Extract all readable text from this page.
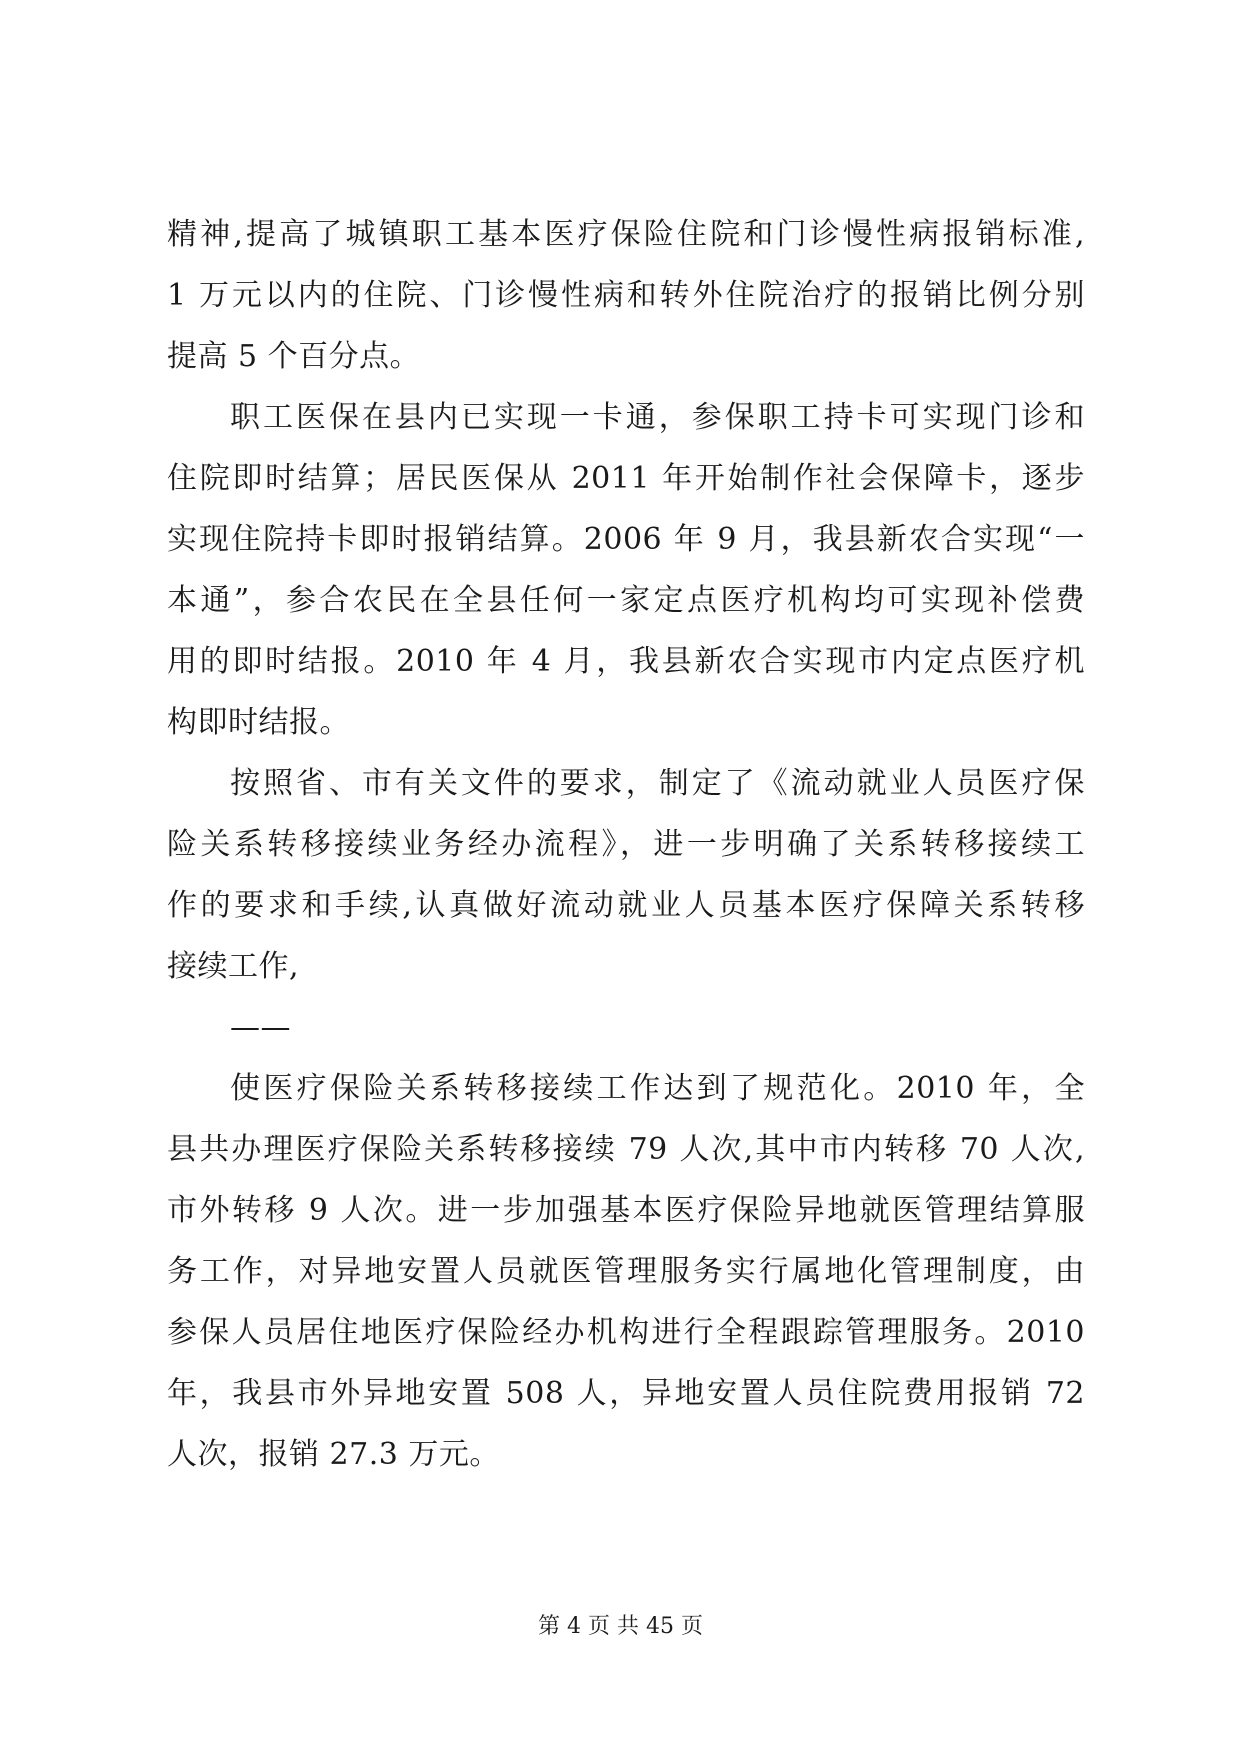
精神,提高了城镇职工基本医疗保险住院和门诊慢性病报销标准,
1 万元以内的住院、门诊慢性病和转外住院治疗的报销比例分别
提高 5 个百分点。
职工医保在县内已实现一卡通，参保职工持卡可实现门诊和
住院即时结算；居民医保从 2011 年开始制作社会保障卡，逐步
实现住院持卡即时报销结算。2006 年 9 月，我县新农合实现“一
本通”，参合农民在全县任何一家定点医疗机构均可实现补偿费
用的即时结报。2010 年 4 月，我县新农合实现市内定点医疗机
构即时结报。
按照省、市有关文件的要求，制定了《流动就业人员医疗保
险关系转移接续业务经办流程》，进一步明确了关系转移接续工
作的要求和手续,认真做好流动就业人员基本医疗保障关系转移
接续工作,
——
使医疗保险关系转移接续工作达到了规范化。2010 年，全
县共办理医疗保险关系转移接续 79 人次,其中市内转移 70 人次,
市外转移 9 人次。进一步加强基本医疗保险异地就医管理结算服
务工作，对异地安置人员就医管理服务实行属地化管理制度，由
参保人员居住地医疗保险经办机构进行全程跟踪管理服务。2010
年，我县市外异地安置 508 人，异地安置人员住院费用报销 72
人次，报销 27.3 万元。
第 4 页 共 45 页
